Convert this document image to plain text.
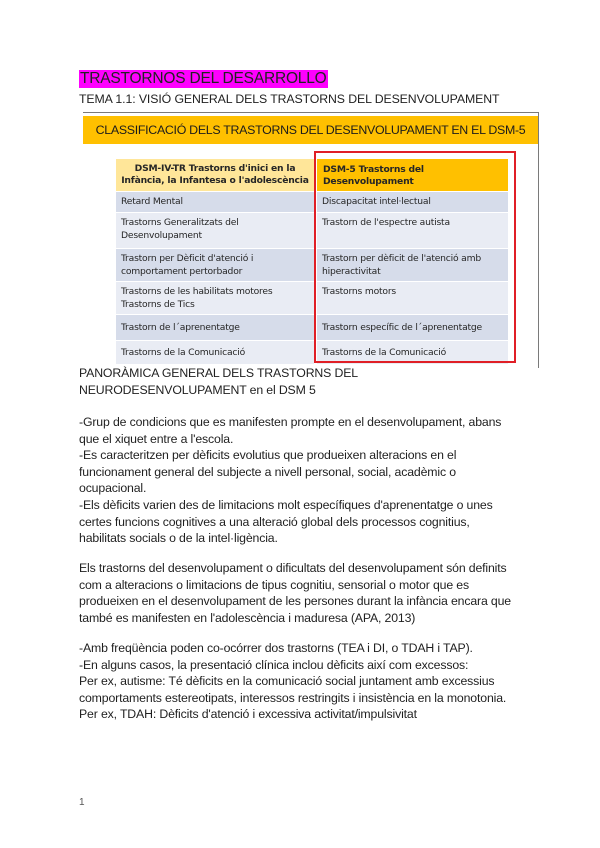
TRASTORNOS DEL DESARROLLO
TEMA 1.1: VISIÓ GENERAL DELS TRASTORNS DEL DESENVOLUPAMENT
CLASSIFICACIÓ DELS TRASTORNS DEL DESENVOLUPAMENT EN EL DSM-5
DSM-IV-TR Trastorns d'inici en la Infància, la Infantesa o l'adolescència	DSM-5 Trastorns del Desenvolupament
Retard Mental	Discapacitat intel·lectual
Trastorns Generalitzats del Desenvolupament	Trastorn de l'espectre autista
Trastorn per Dèficit d'atenció i comportament pertorbador	Trastorn per dèficit de l'atenció amb hiperactivitat
Trastorns de les habilitats motores Trastorns de Tics	Trastorns motors
Trastorn de l´aprenentatge	Trastorn específic de l´aprenentatge
Trastorns de la Comunicació	Trastorns de la Comunicació

PANORÀMICA GENERAL DELS TRASTORNS DEL

NEURODESENVOLUPAMENT en el DSM 5

-Grup de condicions que es manifesten prompte en el desenvolupament, abans que el xiquet entre a l'escola.

-Es caracteritzen per dèficits evolutius que produeixen alteracions en el funcionament general del subjecte a nivell personal, social, acadèmic o ocupacional.

-Els dèficits varien des de limitacions molt específiques d'aprenentatge o unes certes funcions cognitives a una alteració global dels processos cognitius, habilitats socials o de la intel·ligència.

Els trastorns del desenvolupament o dificultats del desenvolupament són definits com a alteracions o limitacions de tipus cognitiu, sensorial o motor que es produeixen en el desenvolupament de les persones durant la infància encara que també es manifesten en l'adolescència i maduresa (APA, 2013)

-Amb freqüència poden co-ocórrer dos trastorns (TEA i DI, o TDAH i TAP).

-En alguns casos, la presentació clínica inclou dèficits així com excessos:

Per ex, autisme: Té dèficits en la comunicació social juntament amb excessius comportaments estereotipats, interessos restringits i insistència en la monotonia.

Per ex, TDAH: Dèficits d'atenció i excessiva activitat/impulsivitat

1
